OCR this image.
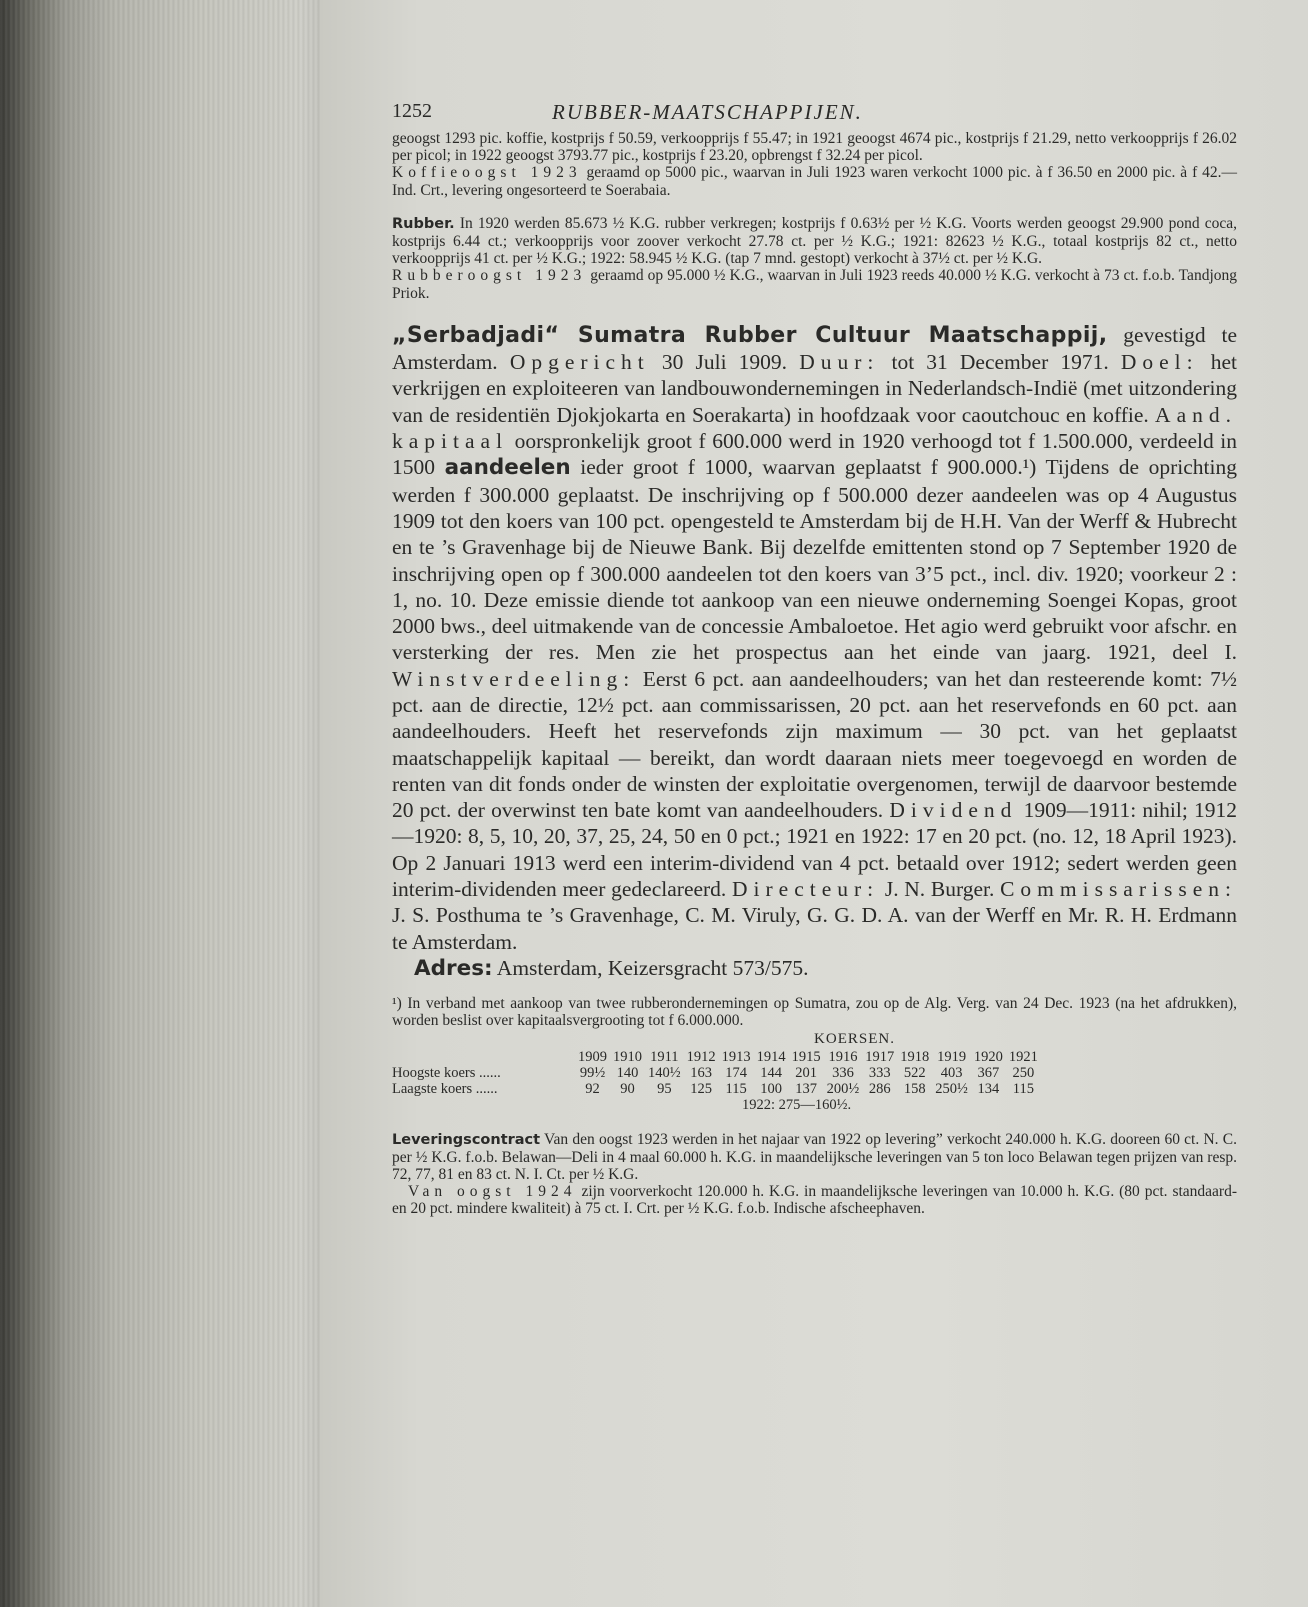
1252	RUBBER-MAATSCHAPPIJEN.

geoogst 1293 pic. koffie, kostprijs f 50.59, verkoopprijs f 55.47; in 1921 geoogst 4674 pic., kostprijs f 21.29, netto verkoopprijs f 26.02 per picol; in 1922 geoogst 3793.77 pic., kostprijs f 23.20, opbrengst f 32.24 per picol.

Koffieoogst 1923 geraamd op 5000 pic., waarvan in Juli 1923 waren verkocht 1000 pic. à f 36.50 en 2000 pic. à f 42.— Ind. Crt., levering ongesorteerd te Soerabaia.

Rubber. In 1920 werden 85.673 ½ K.G. rubber verkregen; kostprijs f 0.63½ per ½ K.G. Voorts werden geoogst 29.900 pond coca, kostprijs 6.44 ct.; verkoopprijs voor zoover verkocht 27.78 ct. per ½ K.G.; 1921: 82623 ½ K.G., totaal kostprijs 82 ct., netto verkoopprijs 41 ct. per ½ K.G.; 1922: 58.945 ½ K.G. (tap 7 mnd. gestopt) verkocht à 37½ ct. per ½ K.G.

Rubberoogst 1923 geraamd op 95.000 ½ K.G., waarvan in Juli 1923 reeds 40.000 ½ K.G. verkocht à 73 ct. f.o.b. Tandjong Priok.

„Serbadjadi“ Sumatra Rubber Cultuur Maatschappij, gevestigd te Amsterdam. Opgericht 30 Juli 1909. Duur: tot 31 December 1971. Doel: het verkrijgen en exploiteeren van landbouwondernemingen in Nederlandsch-Indië (met uitzondering van de residentiën Djokjokarta en Soerakarta) in hoofdzaak voor caoutchouc en koffie. Aand. kapitaal oorspronkelijk groot f 600.000 werd in 1920 verhoogd tot f 1.500.000, verdeeld in 1500 aandeelen ieder groot f 1000, waarvan geplaatst f 900.000.¹) Tijdens de oprichting werden f 300.000 geplaatst. De inschrijving op f 500.000 dezer aandeelen was op 4 Augustus 1909 tot den koers van 100 pct. opengesteld te Amsterdam bij de H.H. Van der Werff & Hubrecht en te ’s Gravenhage bij de Nieuwe Bank. Bij dezelfde emittenten stond op 7 September 1920 de inschrijving open op f 300.000 aandeelen tot den koers van 3’5 pct., incl. div. 1920; voorkeur 2 : 1, no. 10. Deze emissie diende tot aankoop van een nieuwe onderneming Soengei Kopas, groot 2000 bws., deel uitmakende van de concessie Ambaloetoe. Het agio werd gebruikt voor afschr. en versterking der res. Men zie het prospectus aan het einde van jaarg. 1921, deel I. Winstverdeeling: Eerst 6 pct. aan aandeelhouders; van het dan resteerende komt: 7½ pct. aan de directie, 12½ pct. aan commissarissen, 20 pct. aan het reservefonds en 60 pct. aan aandeelhouders. Heeft het reservefonds zijn maximum — 30 pct. van het geplaatst maatschappelijk kapitaal — bereikt, dan wordt daaraan niets meer toegevoegd en worden de renten van dit fonds onder de winsten der exploitatie overgenomen, terwijl de daarvoor bestemde 20 pct. der overwinst ten bate komt van aandeelhouders. Dividend 1909—1911: nihil; 1912—1920: 8, 5, 10, 20, 37, 25, 24, 50 en 0 pct.; 1921 en 1922: 17 en 20 pct. (no. 12, 18 April 1923). Op 2 Januari 1913 werd een interim-dividend van 4 pct. betaald over 1912; sedert werden geen interim-dividenden meer gedeclareerd. Directeur: J. N. Burger. Commissarissen: J. S. Posthuma te ’s Gravenhage, C. M. Viruly, G. G. D. A. van der Werff en Mr. R. H. Erdmann te Amsterdam.
Adres: Amsterdam, Keizersgracht 573/575.
¹) In verband met aankoop van twee rubberondernemingen op Sumatra, zou op de Alg. Verg. van 24 Dec. 1923 (na het afdrukken), worden beslist over kapitaalsvergrooting tot f 6.000.000.
KOERSEN.
	1909	1910	1911	1912	1913	1914	1915	1916	1917	1918	1919	1920	1921
Hoogste koers ......	99½	140	140½	163	174	144	201	336	333	522	403	367	250
Laagste koers ......	92	90	95	125	115	100	137	200½	286	158	250½	134	115
1922: 275—160½.
Leveringscontract Van den oogst 1923 werden in het najaar van 1922 op levering” verkocht 240.000 h. K.G. dooreen 60 ct. N. C. per ½ K.G. f.o.b. Belawan—Deli in 4 maal 60.000 h. K.G. in maandelijksche leveringen van 5 ton loco Belawan tegen prijzen van resp. 72, 77, 81 en 83 ct. N. I. Ct. per ½ K.G.
Van oogst 1924 zijn voorverkocht 120.000 h. K.G. in maandelijksche leveringen van 10.000 h. K.G. (80 pct. standaard- en 20 pct. mindere kwaliteit) à 75 ct. I. Crt. per ½ K.G. f.o.b. Indische afscheephaven.
